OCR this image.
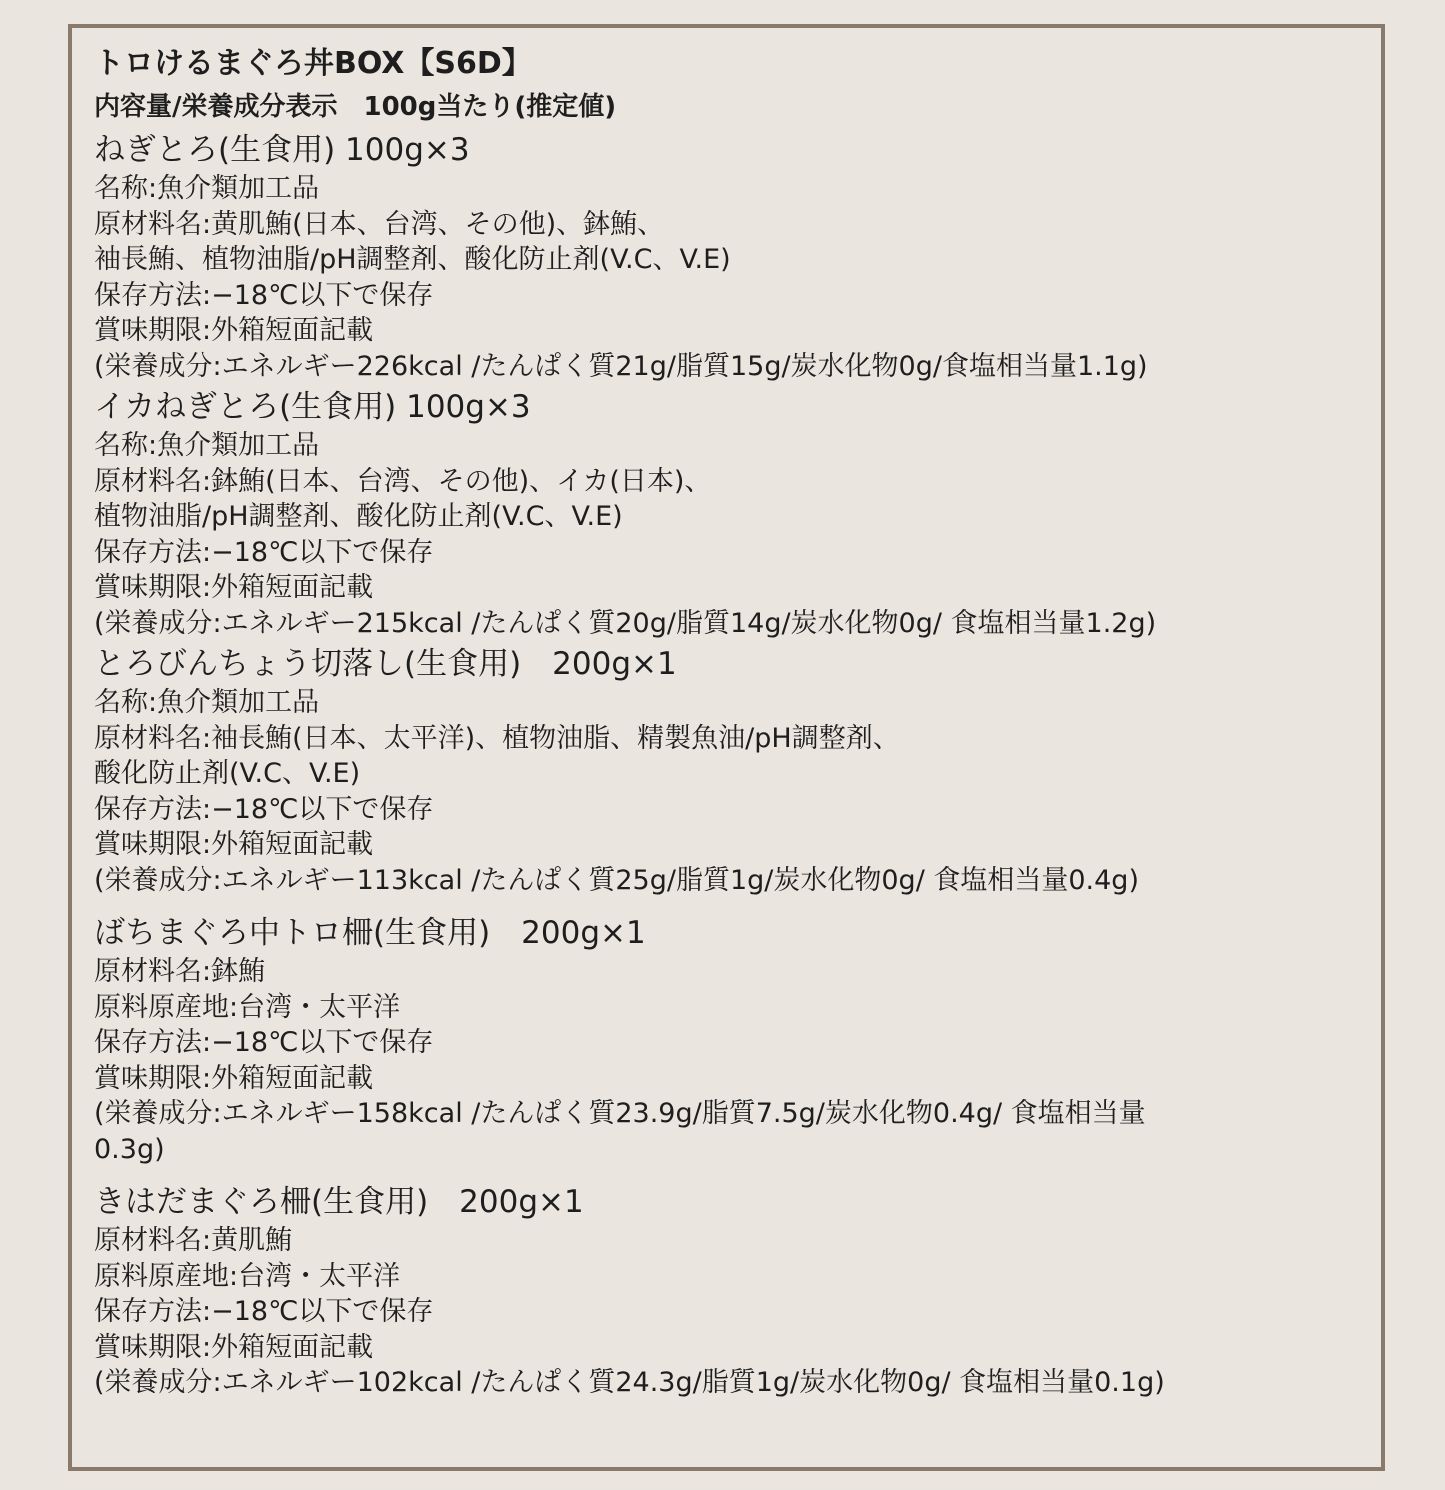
トロけるまぐろ丼BOX【S6D】
内容量/栄養成分表示　100g当たり(推定値)
ねぎとろ(生食用) 100g×3
名称:魚介類加工品
原材料名:黄肌鮪(日本、台湾、その他)、鉢鮪、
袖長鮪、植物油脂/pH調整剤、酸化防止剤(V.C、V.E)
保存方法:−18℃以下で保存
賞味期限:外箱短面記載
(栄養成分:エネルギー226kcal /たんぱく質21g/脂質15g/炭水化物0g/食塩相当量1.1g)
イカねぎとろ(生食用) 100g×3
名称:魚介類加工品
原材料名:鉢鮪(日本、台湾、その他)、イカ(日本)、
植物油脂/pH調整剤、酸化防止剤(V.C、V.E)
保存方法:−18℃以下で保存
賞味期限:外箱短面記載
(栄養成分:エネルギー215kcal /たんぱく質20g/脂質14g/炭水化物0g/ 食塩相当量1.2g)
とろびんちょう切落し(生食用)　200g×1
名称:魚介類加工品
原材料名:袖長鮪(日本、太平洋)、植物油脂、精製魚油/pH調整剤、
酸化防止剤(V.C、V.E)
保存方法:−18℃以下で保存
賞味期限:外箱短面記載
(栄養成分:エネルギー113kcal /たんぱく質25g/脂質1g/炭水化物0g/ 食塩相当量0.4g)
ばちまぐろ中トロ柵(生食用)　200g×1
原材料名:鉢鮪
原料原産地:台湾・太平洋
保存方法:−18℃以下で保存
賞味期限:外箱短面記載
(栄養成分:エネルギー158kcal /たんぱく質23.9g/脂質7.5g/炭水化物0.4g/ 食塩相当量
0.3g)
きはだまぐろ柵(生食用)　200g×1
原材料名:黄肌鮪
原料原産地:台湾・太平洋
保存方法:−18℃以下で保存
賞味期限:外箱短面記載
(栄養成分:エネルギー102kcal /たんぱく質24.3g/脂質1g/炭水化物0g/ 食塩相当量0.1g)
